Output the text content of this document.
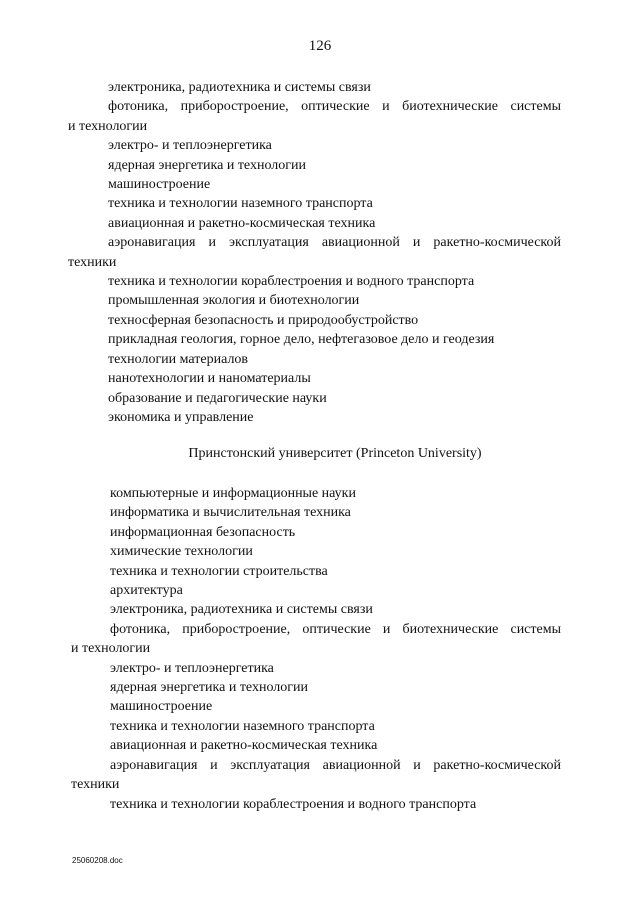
126
электроника, радиотехника и системы связи
фотоника, приборостроение, оптические и биотехнические системы
и технологии
электро- и теплоэнергетика
ядерная энергетика и технологии
машиностроение
техника и технологии наземного транспорта
авиационная и ракетно-космическая техника
аэронавигация и эксплуатация авиационной и ракетно-космической
техники
техника и технологии кораблестроения и водного транспорта
промышленная экология и биотехнологии
техносферная безопасность и природообустройство
прикладная геология, горное дело, нефтегазовое дело и геодезия
технологии материалов
нанотехнологии и наноматериалы
образование и педагогические науки
экономика и управление
Принстонский университет (Princeton University)
компьютерные и информационные науки
информатика и вычислительная техника
информационная безопасность
химические технологии
техника и технологии строительства
архитектура
электроника, радиотехника и системы связи
фотоника, приборостроение, оптические и биотехнические системы
и технологии
электро- и теплоэнергетика
ядерная энергетика и технологии
машиностроение
техника и технологии наземного транспорта
авиационная и ракетно-космическая техника
аэронавигация и эксплуатация авиационной и ракетно-космической
техники
техника и технологии кораблестроения и водного транспорта
25060208.doc
